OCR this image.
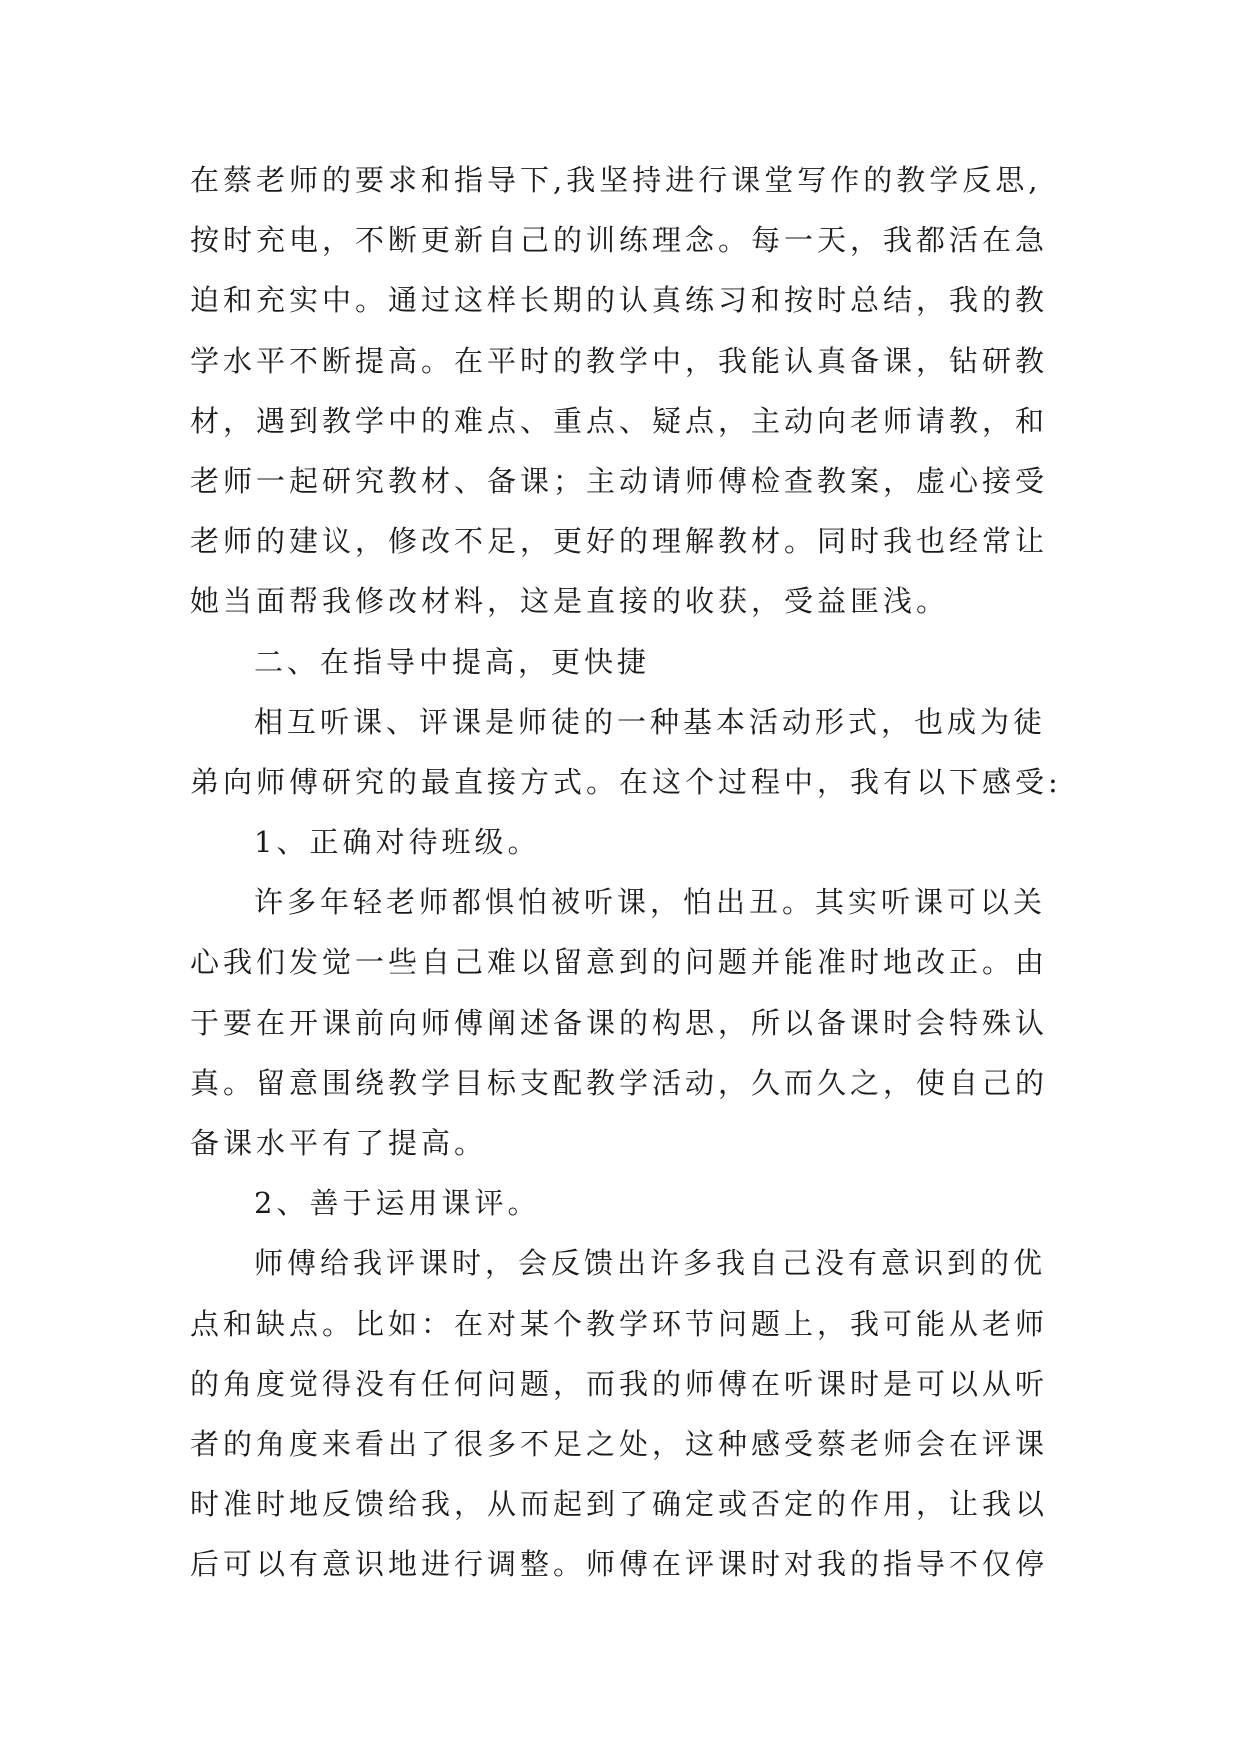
在蔡老师的要求和指导下,我坚持进行课堂写作的教学反思,
按时充电，不断更新自己的训练理念。每一天，我都活在急
迫和充实中。通过这样长期的认真练习和按时总结，我的教
学水平不断提高。在平时的教学中，我能认真备课，钻研教
材，遇到教学中的难点、重点、疑点，主动向老师请教，和
老师一起研究教材、备课；主动请师傅检查教案，虚心接受
老师的建议，修改不足，更好的理解教材。同时我也经常让
她当面帮我修改材料，这是直接的收获，受益匪浅。
二、在指导中提高，更快捷
相互听课、评课是师徒的一种基本活动形式，也成为徒
弟向师傅研究的最直接方式。在这个过程中，我有以下感受:
1、正确对待班级。
许多年轻老师都惧怕被听课，怕出丑。其实听课可以关
心我们发觉一些自己难以留意到的问题并能准时地改正。由
于要在开课前向师傅阐述备课的构思，所以备课时会特殊认
真。留意围绕教学目标支配教学活动，久而久之，使自己的
备课水平有了提高。
2、善于运用课评。
师傅给我评课时，会反馈出许多我自己没有意识到的优
点和缺点。比如：在对某个教学环节问题上，我可能从老师
的角度觉得没有任何问题，而我的师傅在听课时是可以从听
者的角度来看出了很多不足之处，这种感受蔡老师会在评课
时准时地反馈给我，从而起到了确定或否定的作用，让我以
后可以有意识地进行调整。师傅在评课时对我的指导不仅停
